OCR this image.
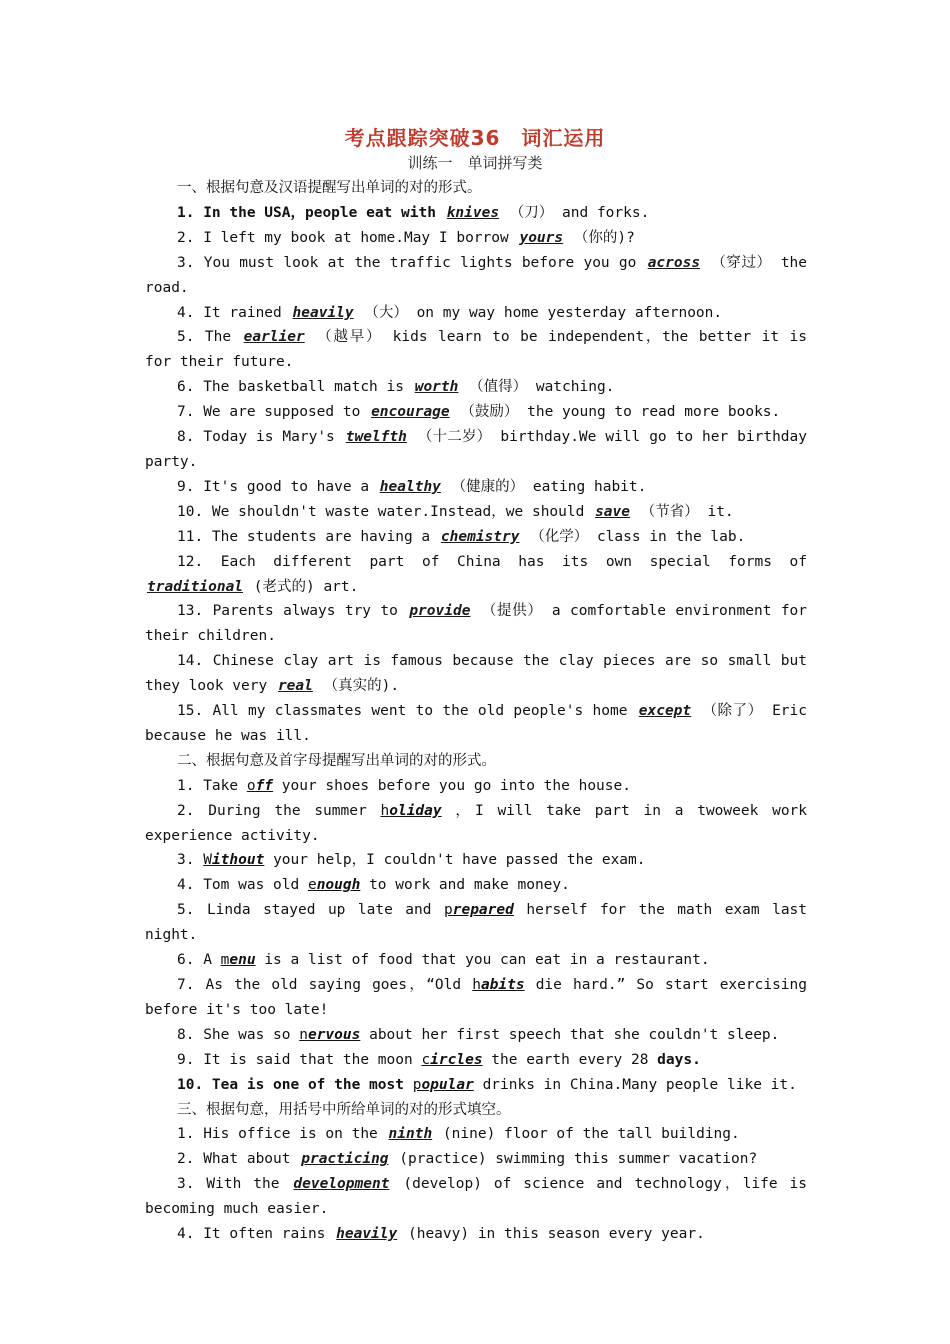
考点跟踪突破36　词汇运用
训练一　单词拼写类
一、根据句意及汉语提醒写出单词的对的形式。
1. In the USA，people eat with knives （刀） and forks.
2. I left my book at home.May I borrow yours （你的)?
3. You must look at the traffic lights before you go across （穿过） the road.
4. It rained heavily （大） on my way home yesterday afternoon.
5. The earlier （越早） kids learn to be independent，the better it is for their future.
6. The basketball match is worth （值得） watching.
7. We are supposed to encourage （鼓励） the young to read more books.
8. Today is Mary's twelfth （十二岁） birthday.We will go to her birthday party.
9. It's good to have a healthy （健康的） eating habit.
10. We shouldn't waste water.Instead，we should save （节省） it.
11. The students are having a chemistry （化学） class in the lab.
12. Each different part of China has its own special forms of traditional (老式的) art.
13. Parents always try to provide （提供） a comfortable environment for their children.
14. Chinese clay art is famous because the clay pieces are so small but they look very real （真实的).
15. All my classmates went to the old people's home except （除了） Eric because he was ill.
二、根据句意及首字母提醒写出单词的对的形式。
1. Take off your shoes before you go into the house.
2. During the summer holiday ，I will take part in a twoweek work experience activity.
3. Without your help，I couldn't have passed the exam.
4. Tom was old enough to work and make money.
5. Linda stayed up late and prepared herself for the math exam last night.
6. A menu is a list of food that you can eat in a restaurant.
7. As the old saying goes，“Old habits die hard.” So start exercising before it's too late!
8. She was so nervous about her first speech that she couldn't sleep.
9. It is said that the moon circles the earth every 28 days.
10. Tea is one of the most popular drinks in China.Many people like it.
三、根据句意，用括号中所给单词的对的形式填空。
1. His office is on the ninth (nine) floor of the tall building.
2. What about practicing (practice) swimming this summer vacation?
3. With the development (develop) of science and technology，life is becoming much easier.
4. It often rains heavily (heavy) in this season every year.
